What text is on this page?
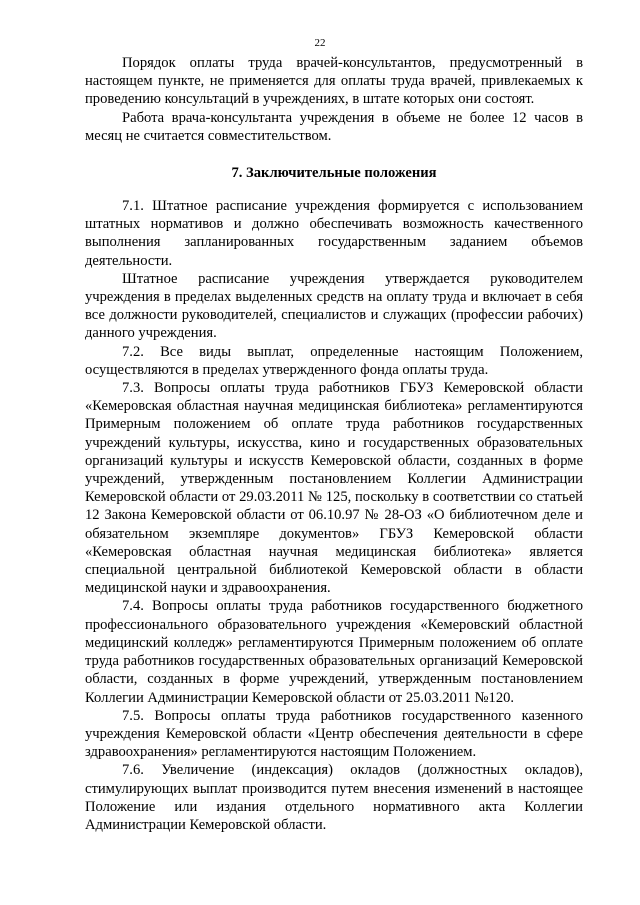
22

Порядок оплаты труда врачей-консультантов, предусмотренный в настоящем пункте, не применяется для оплаты труда врачей, привлекаемых к проведению консультаций в учреждениях, в штате которых они состоят.

Работа врача-консультанта учреждения в объеме не более 12 часов в месяц не считается совместительством.

7. Заключительные положения

7.1. Штатное расписание учреждения формируется с использованием штатных нормативов и должно обеспечивать возможность качественного выполнения запланированных государственным заданием объемов деятельности.

Штатное расписание учреждения утверждается руководителем учреждения в пределах выделенных средств на оплату труда и включает в себя все должности руководителей, специалистов и служащих (профессии рабочих) данного учреждения.

7.2. Все виды выплат, определенные настоящим Положением, осуществляются в пределах утвержденного фонда оплаты труда.

7.3. Вопросы оплаты труда работников ГБУЗ Кемеровской области «Кемеровская областная научная медицинская библиотека» регламентируются Примерным положением об оплате труда работников государственных учреждений культуры, искусства, кино и государственных образовательных организаций культуры и искусств Кемеровской области, созданных в форме учреждений, утвержденным постановлением Коллегии Администрации Кемеровской области от 29.03.2011 № 125, поскольку в соответствии со статьей 12 Закона Кемеровской области от 06.10.97 № 28-ОЗ «О библиотечном деле и обязательном экземпляре документов» ГБУЗ Кемеровской области «Кемеровская областная научная медицинская библиотека» является специальной центральной библиотекой Кемеровской области в области медицинской науки и здравоохранения.

7.4. Вопросы оплаты труда работников государственного бюджетного профессионального образовательного учреждения «Кемеровский областной медицинский колледж» регламентируются Примерным положением об оплате труда работников государственных образовательных организаций Кемеровской области, созданных в форме учреждений, утвержденным постановлением Коллегии Администрации Кемеровской области от 25.03.2011 №120.

7.5. Вопросы оплаты труда работников государственного казенного учреждения Кемеровской области «Центр обеспечения деятельности в сфере здравоохранения» регламентируются настоящим Положением.

7.6. Увеличение (индексация) окладов (должностных окладов), стимулирующих выплат производится путем внесения изменений в настоящее Положение или издания отдельного нормативного акта Коллегии Администрации Кемеровской области.
